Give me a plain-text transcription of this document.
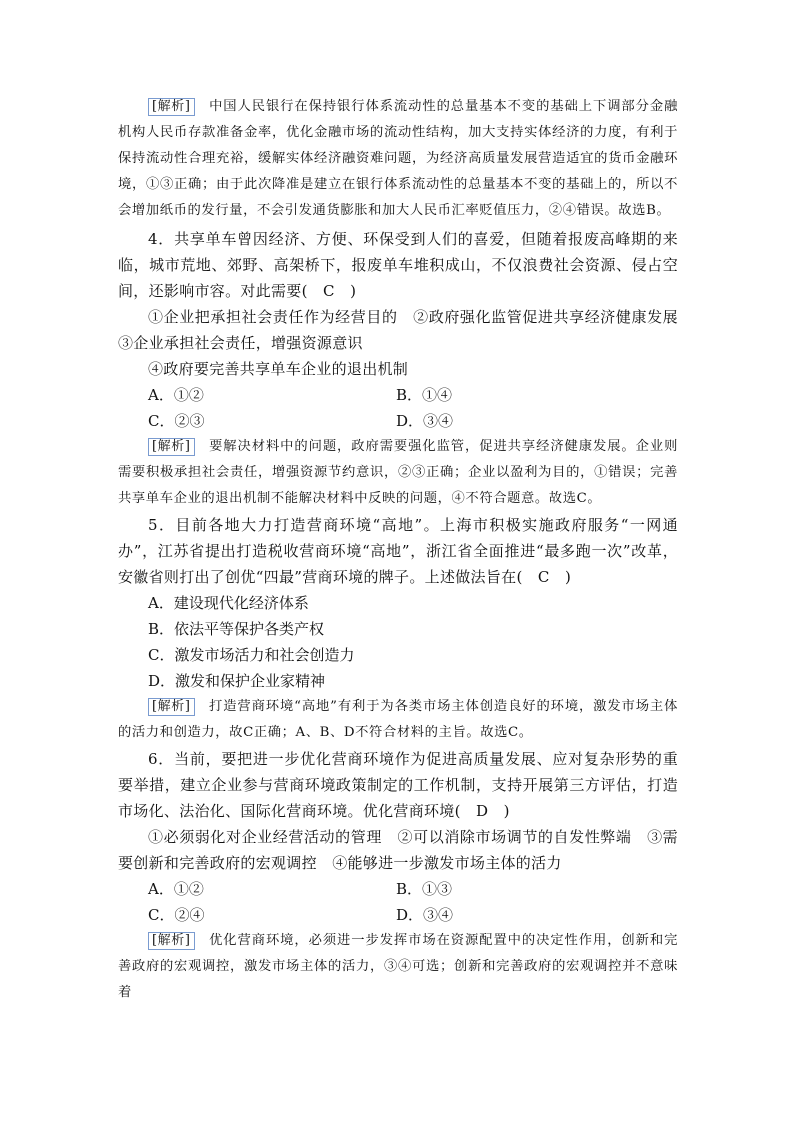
[解析]　 中国人民银行在保持银行体系流动性的总量基本不变的基础上下调部分金融机构人民币存款准备金率，优化金融市场的流动性结构，加大支持实体经济的力度，有利于保持流动性合理充裕，缓解实体经济融资难问题，为经济高质量发展营造适宜的货币金融环境，①③正确；由于此次降准是建立在银行体系流动性的总量基本不变的基础上的，所以不会增加纸币的发行量，不会引发通货膨胀和加大人民币汇率贬值压力，②④错误。故选B。

4．共享单车曾因经济、方便、环保受到人们的喜爱，但随着报废高峰期的来临，城市荒地、郊野、高架桥下，报废单车堆积成山，不仅浪费社会资源、侵占空间，还影响市容。对此需要(　C　)

①企业把承担社会责任作为经营目的　②政府强化监管促进共享经济健康发展　③企业承担社会责任，增强资源意识

④政府要完善共享单车企业的退出机制

A．①②	B．①④
C．②③	D．③④

[解析]　 要解决材料中的问题，政府需要强化监管，促进共享经济健康发展。企业则需要积极承担社会责任，增强资源节约意识，②③正确；企业以盈利为目的，①错误；完善共享单车企业的退出机制不能解决材料中反映的问题，④不符合题意。故选C。

5．目前各地大力打造营商环境“高地”。上海市积极实施政府服务“一网通办”，江苏省提出打造税收营商环境“高地”，浙江省全面推进“最多跑一次”改革，安徽省则打出了创优“四最”营商环境的牌子。上述做法旨在(　C　)

A．建设现代化经济体系
B．依法平等保护各类产权
C．激发市场活力和社会创造力
D．激发和保护企业家精神

[解析]　 打造营商环境“高地”有利于为各类市场主体创造良好的环境，激发市场主体的活力和创造力，故C正确；A、B、D不符合材料的主旨。故选C。

6．当前，要把进一步优化营商环境作为促进高质量发展、应对复杂形势的重要举措，建立企业参与营商环境政策制定的工作机制，支持开展第三方评估，打造市场化、法治化、国际化营商环境。优化营商环境(　D　)

①必须弱化对企业经营活动的管理　②可以消除市场调节的自发性弊端　③需要创新和完善政府的宏观调控　④能够进一步激发市场主体的活力

A．①②	B．①③
C．②④	D．③④

[解析]　 优化营商环境，必须进一步发挥市场在资源配置中的决定性作用，创新和完善政府的宏观调控，激发市场主体的活力，③④可选；创新和完善政府的宏观调控并不意味着
